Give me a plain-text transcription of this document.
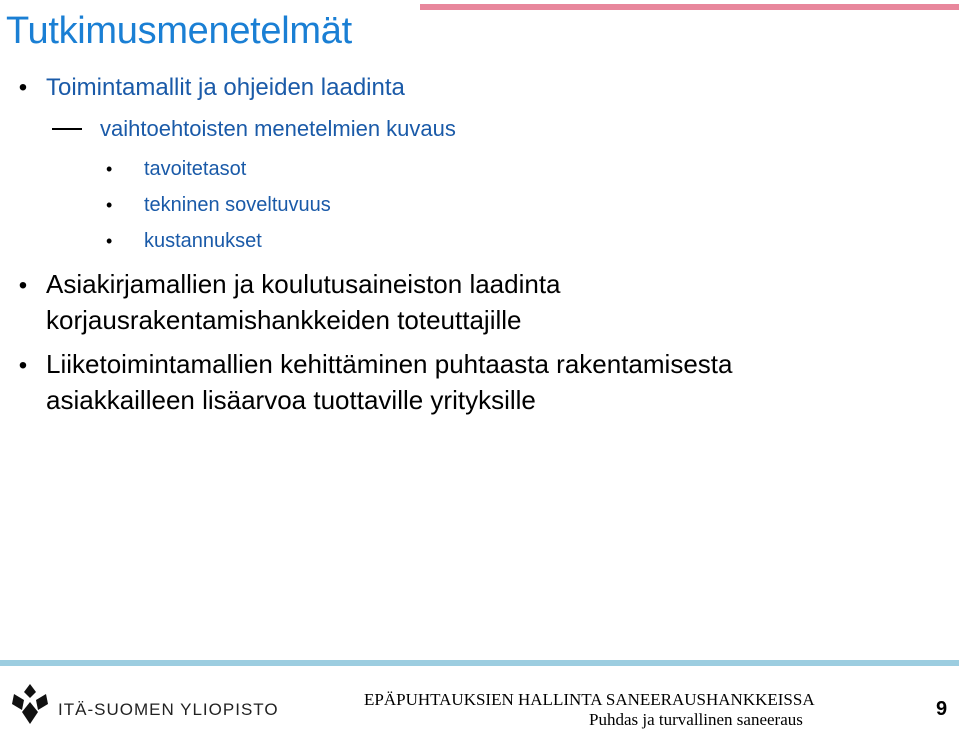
Tutkimusmenetelmät
• Toimintamallit ja ohjeiden laadinta
vaihtoehtoisten menetelmien kuvaus
•	tavoitetasot
•	tekninen soveltuvuus
•	kustannukset
• Asiakirjamallien ja koulutusaineiston laadinta
korjausrakentamishankkeiden toteuttajille
• Liiketoimintamallien kehittäminen puhtaasta rakentamisesta
asiakkailleen lisäarvoa tuottaville yrityksille
ITÄ-SUOMEN YLIOPISTO
EPÄPUHTAUKSIEN HALLINTA SANEERAUSHANKKEISSA
Puhdas ja turvallinen saneeraus	9
